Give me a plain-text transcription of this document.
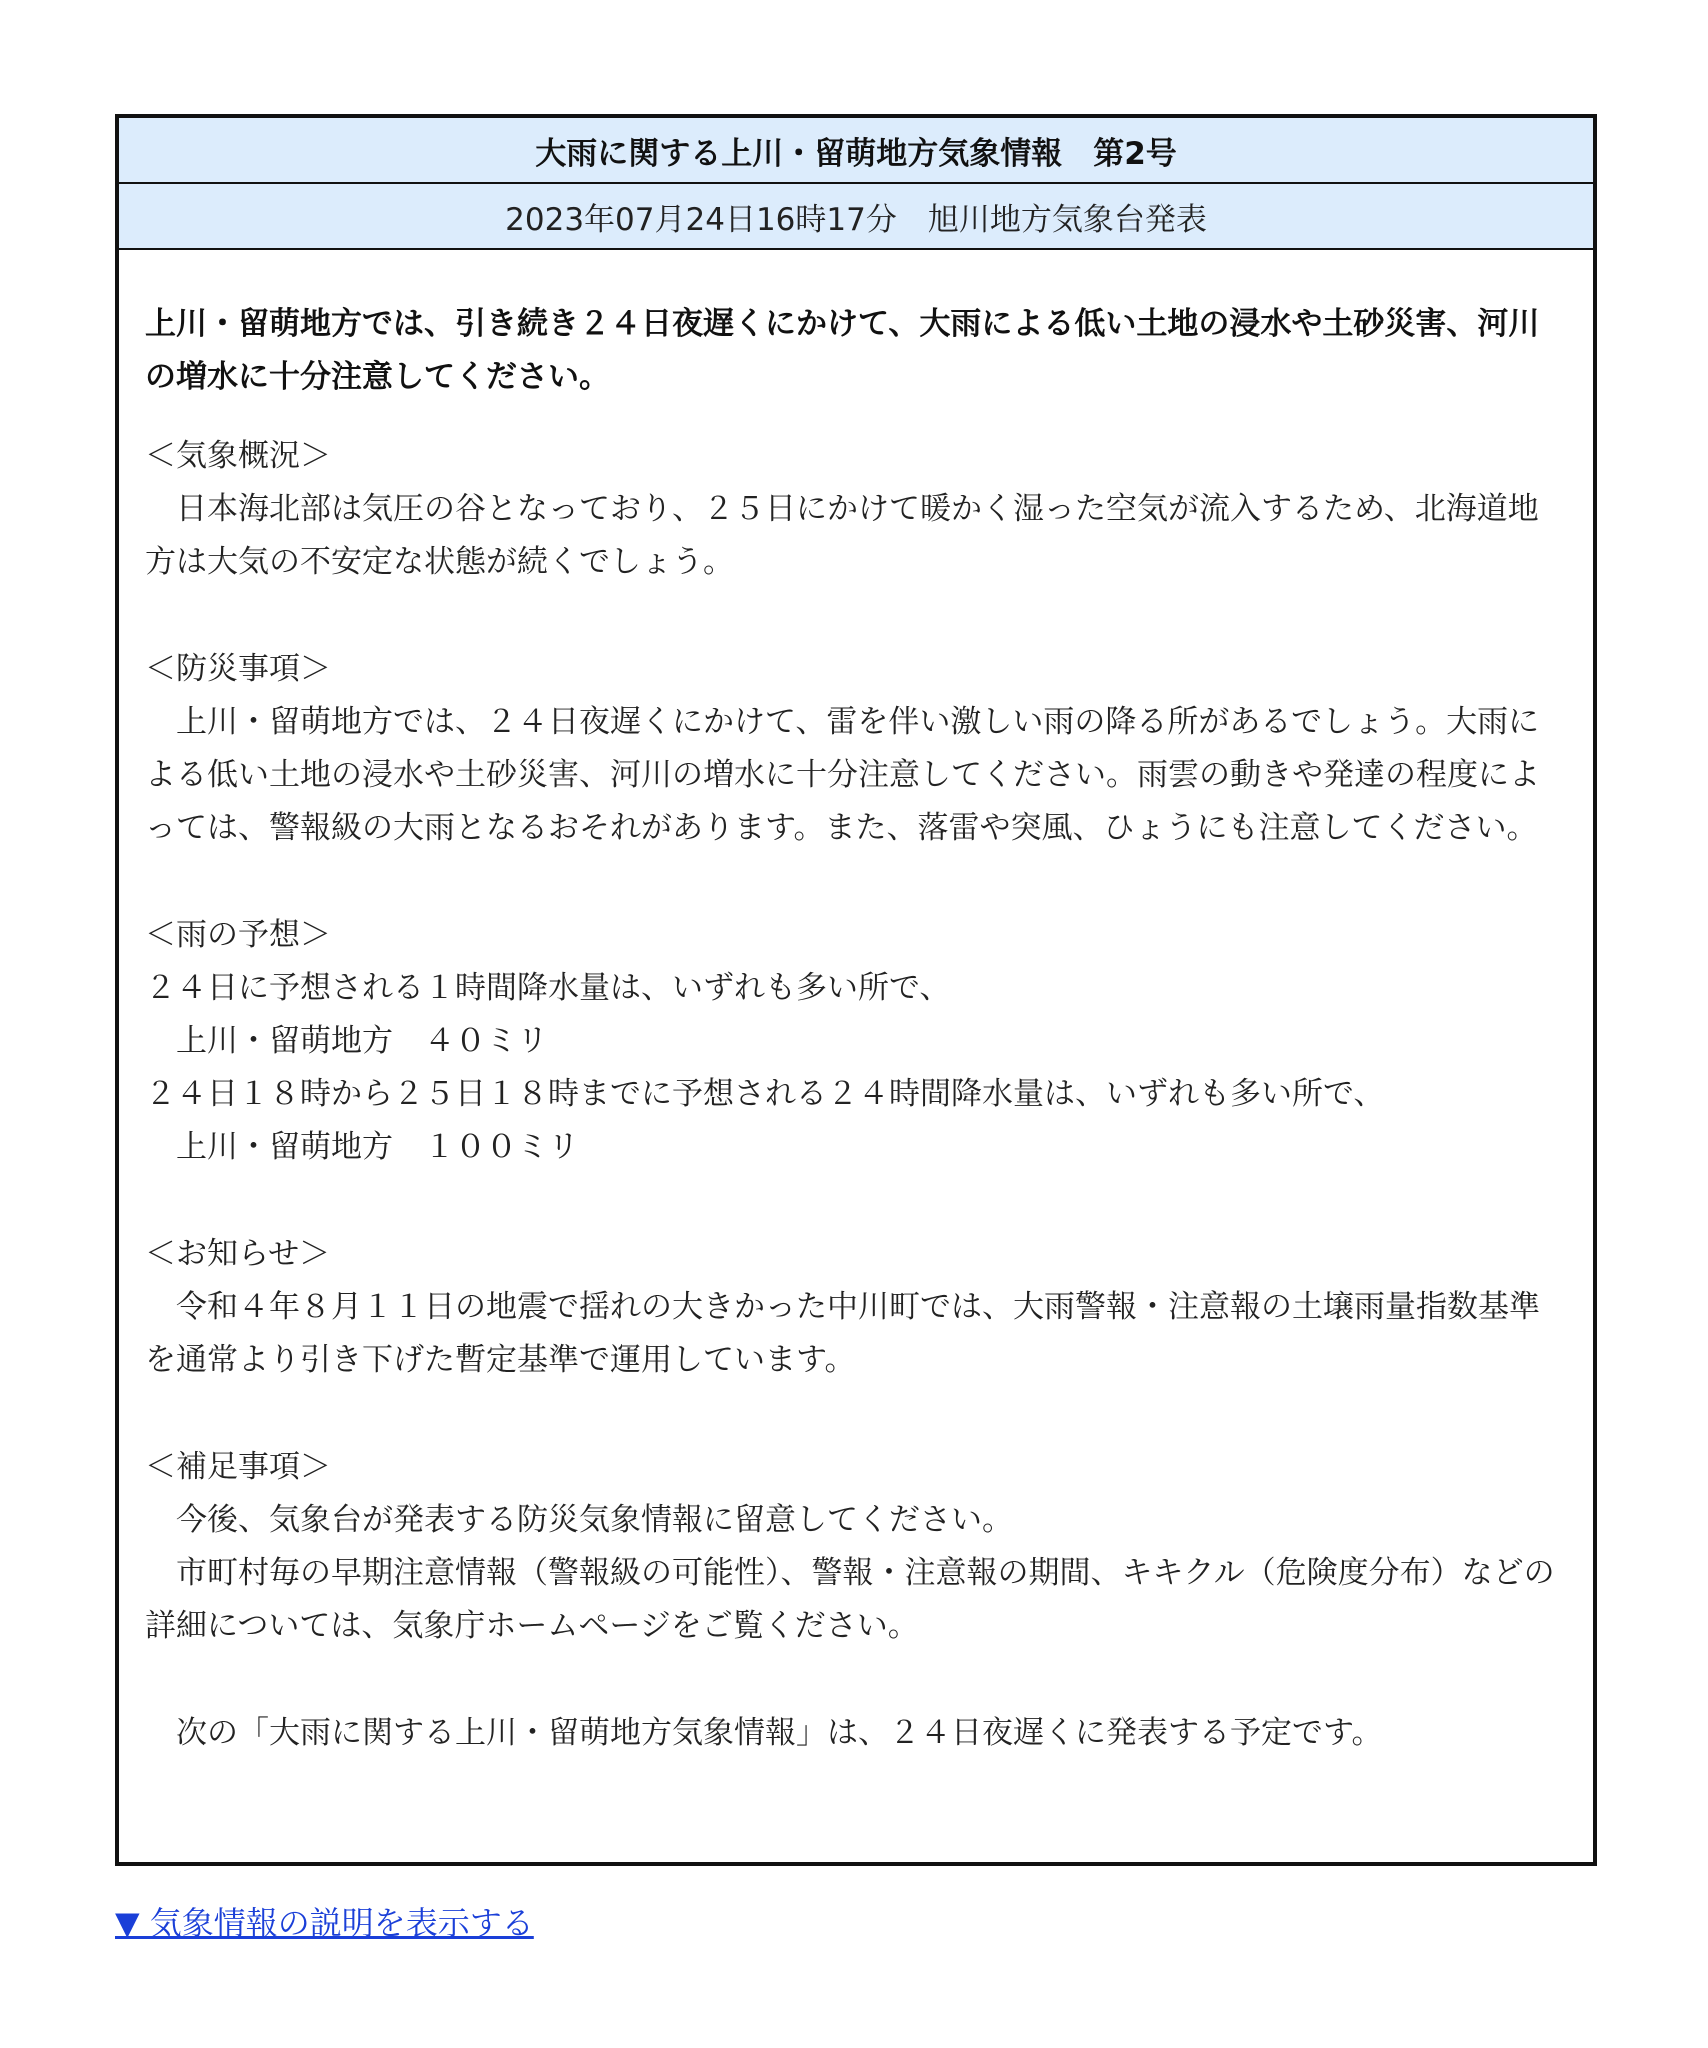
大雨に関する上川・留萌地方気象情報　第2号
2023年07月24日16時17分　旭川地方気象台発表

上川・留萌地方では、引き続き２４日夜遅くにかけて、大雨による低い土地の浸水や土砂災害、河川の増水に十分注意してください。

＜気象概況＞

　日本海北部は気圧の谷となっており、２５日にかけて暖かく湿った空気が流入するため、北海道地方は大気の不安定な状態が続くでしょう。

＜防災事項＞

　上川・留萌地方では、２４日夜遅くにかけて、雷を伴い激しい雨の降る所があるでしょう。大雨による低い土地の浸水や土砂災害、河川の増水に十分注意してください。雨雲の動きや発達の程度によっては、警報級の大雨となるおそれがあります。また、落雷や突風、ひょうにも注意してください。

＜雨の予想＞
２４日に予想される１時間降水量は、いずれも多い所で、
　上川・留萌地方　４０ミリ
２４日１８時から２５日１８時までに予想される２４時間降水量は、いずれも多い所で、
　上川・留萌地方　１００ミリ
＜お知らせ＞

　令和４年８月１１日の地震で揺れの大きかった中川町では、大雨警報・注意報の土壌雨量指数基準を通常より引き下げた暫定基準で運用しています。

＜補足事項＞

　今後、気象台が発表する防災気象情報に留意してください。

　市町村毎の早期注意情報（警報級の可能性）、警報・注意報の期間、キキクル（危険度分布）などの詳細については、気象庁ホームページをご覧ください。

　次の「大雨に関する上川・留萌地方気象情報」は、２４日夜遅くに発表する予定です。

▼ 気象情報の説明を表示する
